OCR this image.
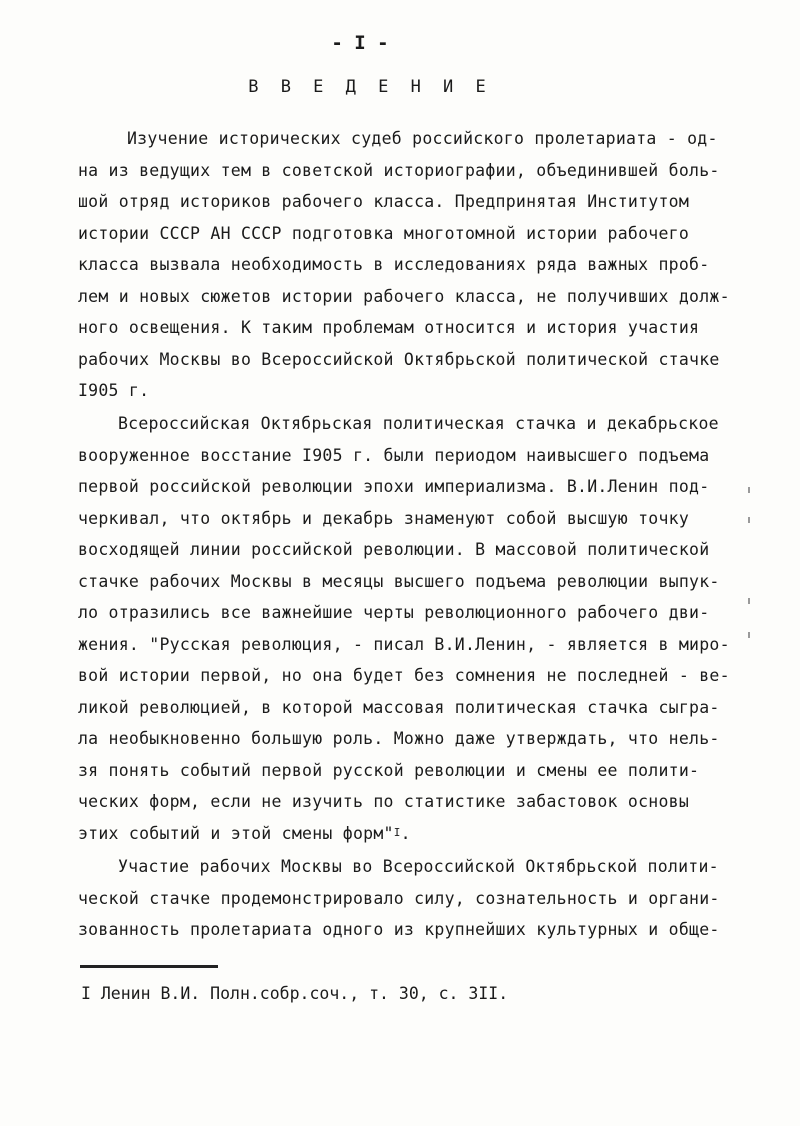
- I -
В В Е Д Е Н И Е
Изучение исторических судеб российского пролетариата - од-
на из ведущих тем в советской историографии, объединившей боль-
шой отряд историков рабочего класса. Предпринятая Институтом
истории СССР АН СССР подготовка многотомной истории рабочего
класса вызвала необходимость в исследованиях ряда важных проб-
лем и новых сюжетов истории рабочего класса, не получивших долж-
ного освещения. К таким проблемам относится и история участия
рабочих Москвы во Всероссийской Октябрьской политической стачке
I905 г.
Всероссийская Октябрьская политическая стачка и декабрьское
вооруженное восстание I905 г. были периодом наивысшего подъема
первой российской революции эпохи империализма. В.И.Ленин под-
черкивал, что октябрь и декабрь знаменуют собой высшую точку
восходящей линии российской революции. В массовой политической
стачке рабочих Москвы в месяцы высшего подъема революции выпук-
ло отразились все важнейшие черты революционного рабочего дви-
жения. "Русская революция, - писал В.И.Ленин, - является в миро-
вой истории первой, но она будет без сомнения не последней - ве-
ликой революцией, в которой массовая политическая стачка сыгра-
ла необыкновенно большую роль. Можно даже утверждать, что нель-
зя понять событий первой русской революции и смены ее полити-
ческих форм, если не изучить по статистике забастовок основы
этих событий и этой смены форм"$^I$.
Участие рабочих Москвы во Всероссийской Октябрьской полити-
ческой стачке продемонстрировало силу, сознательность и органи-
зованность пролетариата одного из крупнейших культурных и обще-
I Ленин В.И. Полн.собр.соч., т. 30, с. 3II.
